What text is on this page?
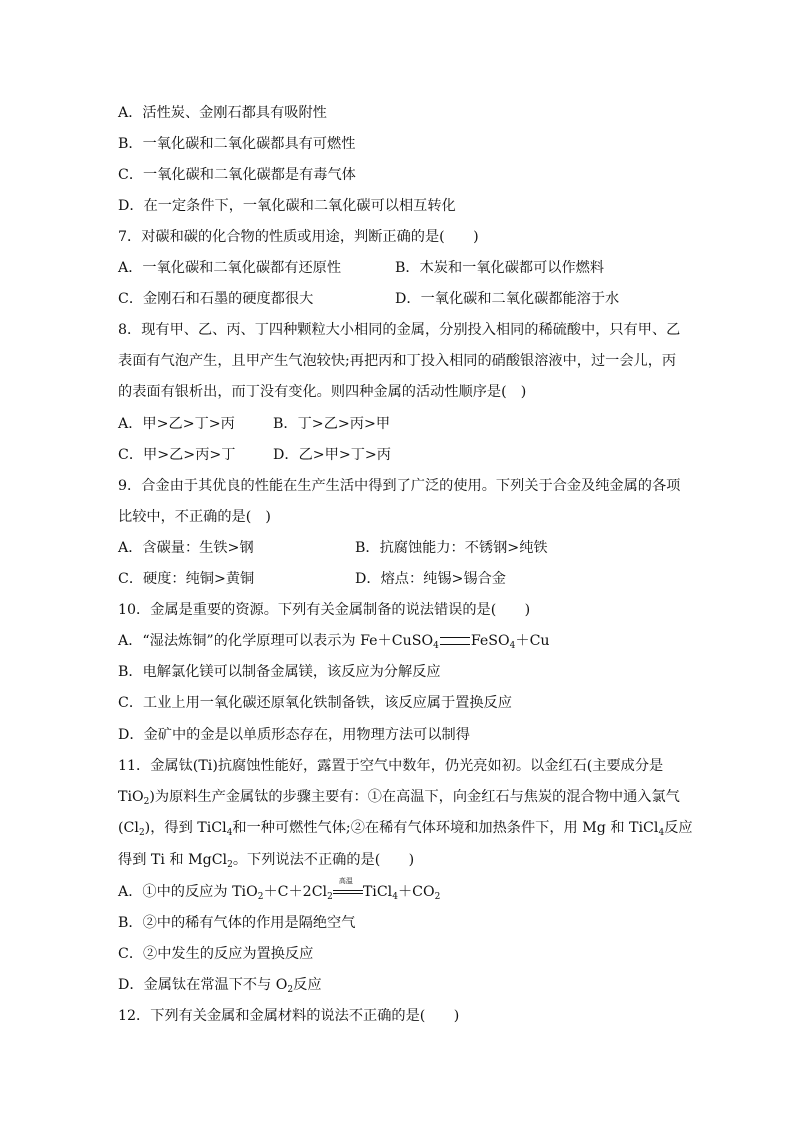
A．活性炭、金刚石都具有吸附性
B．一氧化碳和二氧化碳都具有可燃性
C．一氧化碳和二氧化碳都是有毒气体
D．在一定条件下，一氧化碳和二氧化碳可以相互转化
7．对碳和碳的化合物的性质或用途，判断正确的是(　　)
A．一氧化碳和二氧化碳都有还原性	B．木炭和一氧化碳都可以作燃料
C．金刚石和石墨的硬度都很大	D．一氧化碳和二氧化碳都能溶于水
8．现有甲、乙、丙、丁四种颗粒大小相同的金属，分别投入相同的稀硫酸中，只有甲、乙
表面有气泡产生，且甲产生气泡较快;再把丙和丁投入相同的硝酸银溶液中，过一会儿，丙
的表面有银析出，而丁没有变化。则四种金属的活动性顺序是(　)
A．甲>乙>丁>丙	B．丁>乙>丙>甲
C．甲>乙>丙>丁	D．乙>甲>丁>丙
9．合金由于其优良的性能在生产生活中得到了广泛的使用。下列关于合金及纯金属的各项
比较中，不正确的是(　)
A．含碳量：生铁>钢	B．抗腐蚀能力：不锈钢>纯铁
C．硬度：纯铜>黄铜	D．熔点：纯锡>锡合金
10．金属是重要的资源。下列有关金属制备的说法错误的是(　　)
A．“湿法炼铜”的化学原理可以表示为 Fe＋CuSO$_4$ FeSO$_4$＋Cu
B．电解氯化镁可以制备金属镁，该反应为分解反应
C．工业上用一氧化碳还原氧化铁制备铁，该反应属于置换反应
D．金矿中的金是以单质形态存在，用物理方法可以制得
11．金属钛(Ti)抗腐蚀性能好，露置于空气中数年，仍光亮如初。以金红石(主要成分是
TiO$_2$)为原料生产金属钛的步骤主要有：①在高温下，向金红石与焦炭的混合物中通入氯气
$(Cl_2)$，得到 TiCl$_4$和一种可燃性气体;②在稀有气体环境和加热条件下，用 Mg 和 TiCl$_4$反应
得到 Ti 和 MgCl$_2$。下列说法不正确的是(　　)
A．①中的反应为 $TiO_2+C+2Cl_2$
高温
$TiCl_4+CO_2$
B．②中的稀有气体的作用是隔绝空气
C．②中发生的反应为置换反应
D．金属钛在常温下不与 $O_2$反应
12．下列有关金属和金属材料的说法不正确的是(　　)
